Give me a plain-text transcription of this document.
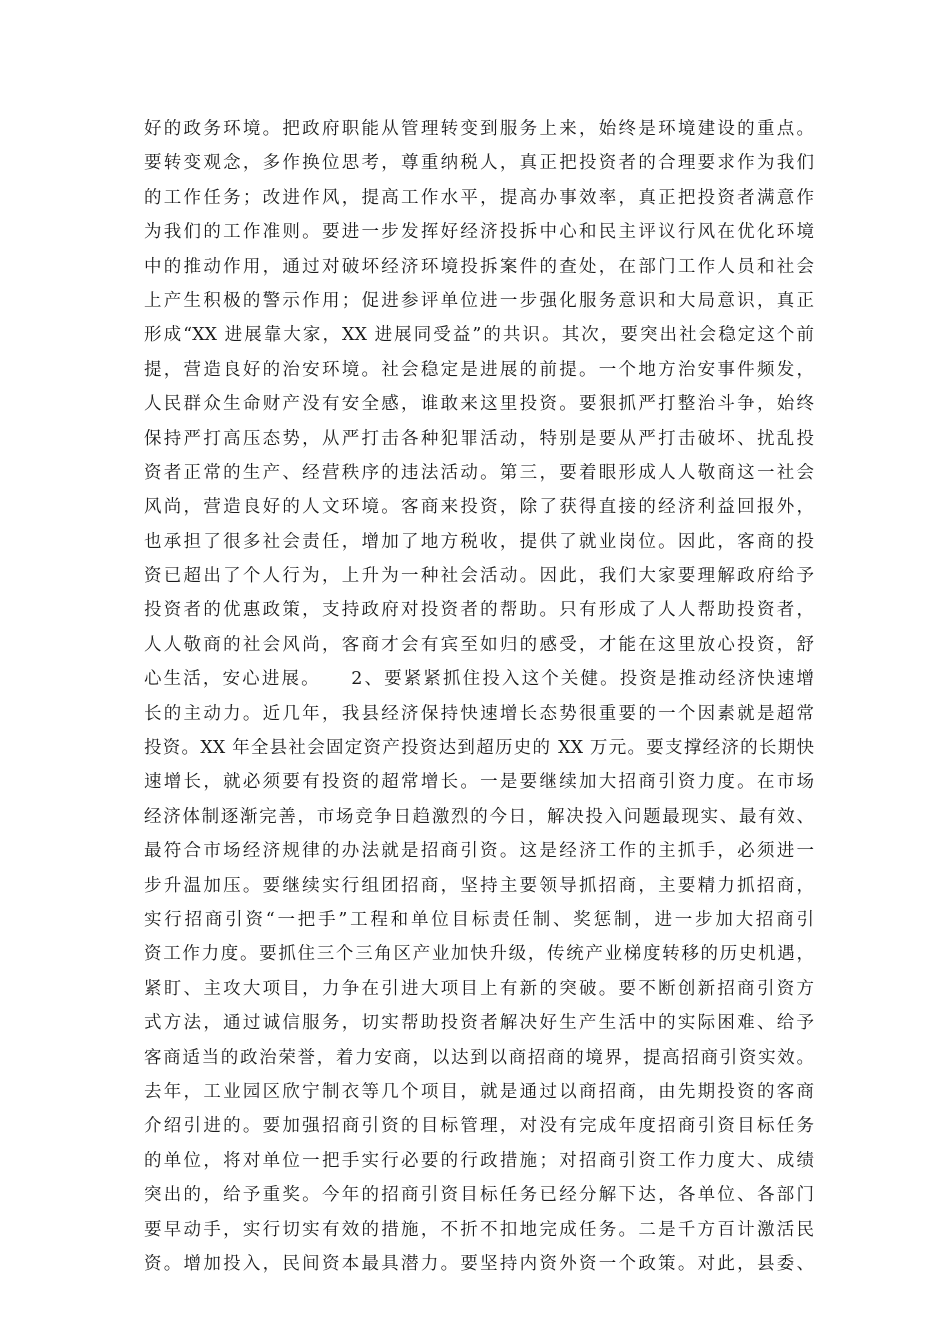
好的政务环境。把政府职能从管理转变到服务上来，始终是环境建设的重点。
要转变观念，多作换位思考，尊重纳税人，真正把投资者的合理要求作为我们
的工作任务；改进作风，提高工作水平，提高办事效率，真正把投资者满意作
为我们的工作准则。要进一步发挥好经济投拆中心和民主评议行风在优化环境
中的推动作用，通过对破坏经济环境投拆案件的查处，在部门工作人员和社会
上产生积极的警示作用；促进参评单位进一步强化服务意识和大局意识，真正
形成“XX 进展靠大家，XX 进展同受益”的共识。其次，要突出社会稳定这个前
提，营造良好的治安环境。社会稳定是进展的前提。一个地方治安事件频发，
人民群众生命财产没有安全感，谁敢来这里投资。要狠抓严打整治斗争，始终
保持严打高压态势，从严打击各种犯罪活动，特别是要从严打击破坏、扰乱投
资者正常的生产、经营秩序的违法活动。第三，要着眼形成人人敬商这一社会
风尚，营造良好的人文环境。客商来投资，除了获得直接的经济利益回报外，
也承担了很多社会责任，增加了地方税收，提供了就业岗位。因此，客商的投
资已超出了个人行为，上升为一种社会活动。因此，我们大家要理解政府给予
投资者的优惠政策，支持政府对投资者的帮助。只有形成了人人帮助投资者，
人人敬商的社会风尚，客商才会有宾至如归的感受，才能在这里放心投资，舒
心生活，安心进展。　　2、要紧紧抓住投入这个关健。投资是推动经济快速增
长的主动力。近几年，我县经济保持快速增长态势很重要的一个因素就是超常
投资。XX 年全县社会固定资产投资达到超历史的 XX 万元。要支撑经济的长期快
速增长，就必须要有投资的超常增长。一是要继续加大招商引资力度。在市场
经济体制逐渐完善，市场竞争日趋激烈的今日，解决投入问题最现实、最有效、
最符合市场经济规律的办法就是招商引资。这是经济工作的主抓手，必须进一
步升温加压。要继续实行组团招商，坚持主要领导抓招商，主要精力抓招商，
实行招商引资“一把手”工程和单位目标责任制、奖惩制，进一步加大招商引
资工作力度。要抓住三个三角区产业加快升级，传统产业梯度转移的历史机遇，
紧盯、主攻大项目，力争在引进大项目上有新的突破。要不断创新招商引资方
式方法，通过诚信服务，切实帮助投资者解决好生产生活中的实际困难、给予
客商适当的政治荣誉，着力安商，以达到以商招商的境界，提高招商引资实效。
去年，工业园区欣宁制衣等几个项目，就是通过以商招商，由先期投资的客商
介绍引进的。要加强招商引资的目标管理，对没有完成年度招商引资目标任务
的单位，将对单位一把手实行必要的行政措施；对招商引资工作力度大、成绩
突出的，给予重奖。今年的招商引资目标任务已经分解下达，各单位、各部门
要早动手，实行切实有效的措施，不折不扣地完成任务。二是千方百计激活民
资。增加投入，民间资本最具潜力。要坚持内资外资一个政策。对此，县委、
